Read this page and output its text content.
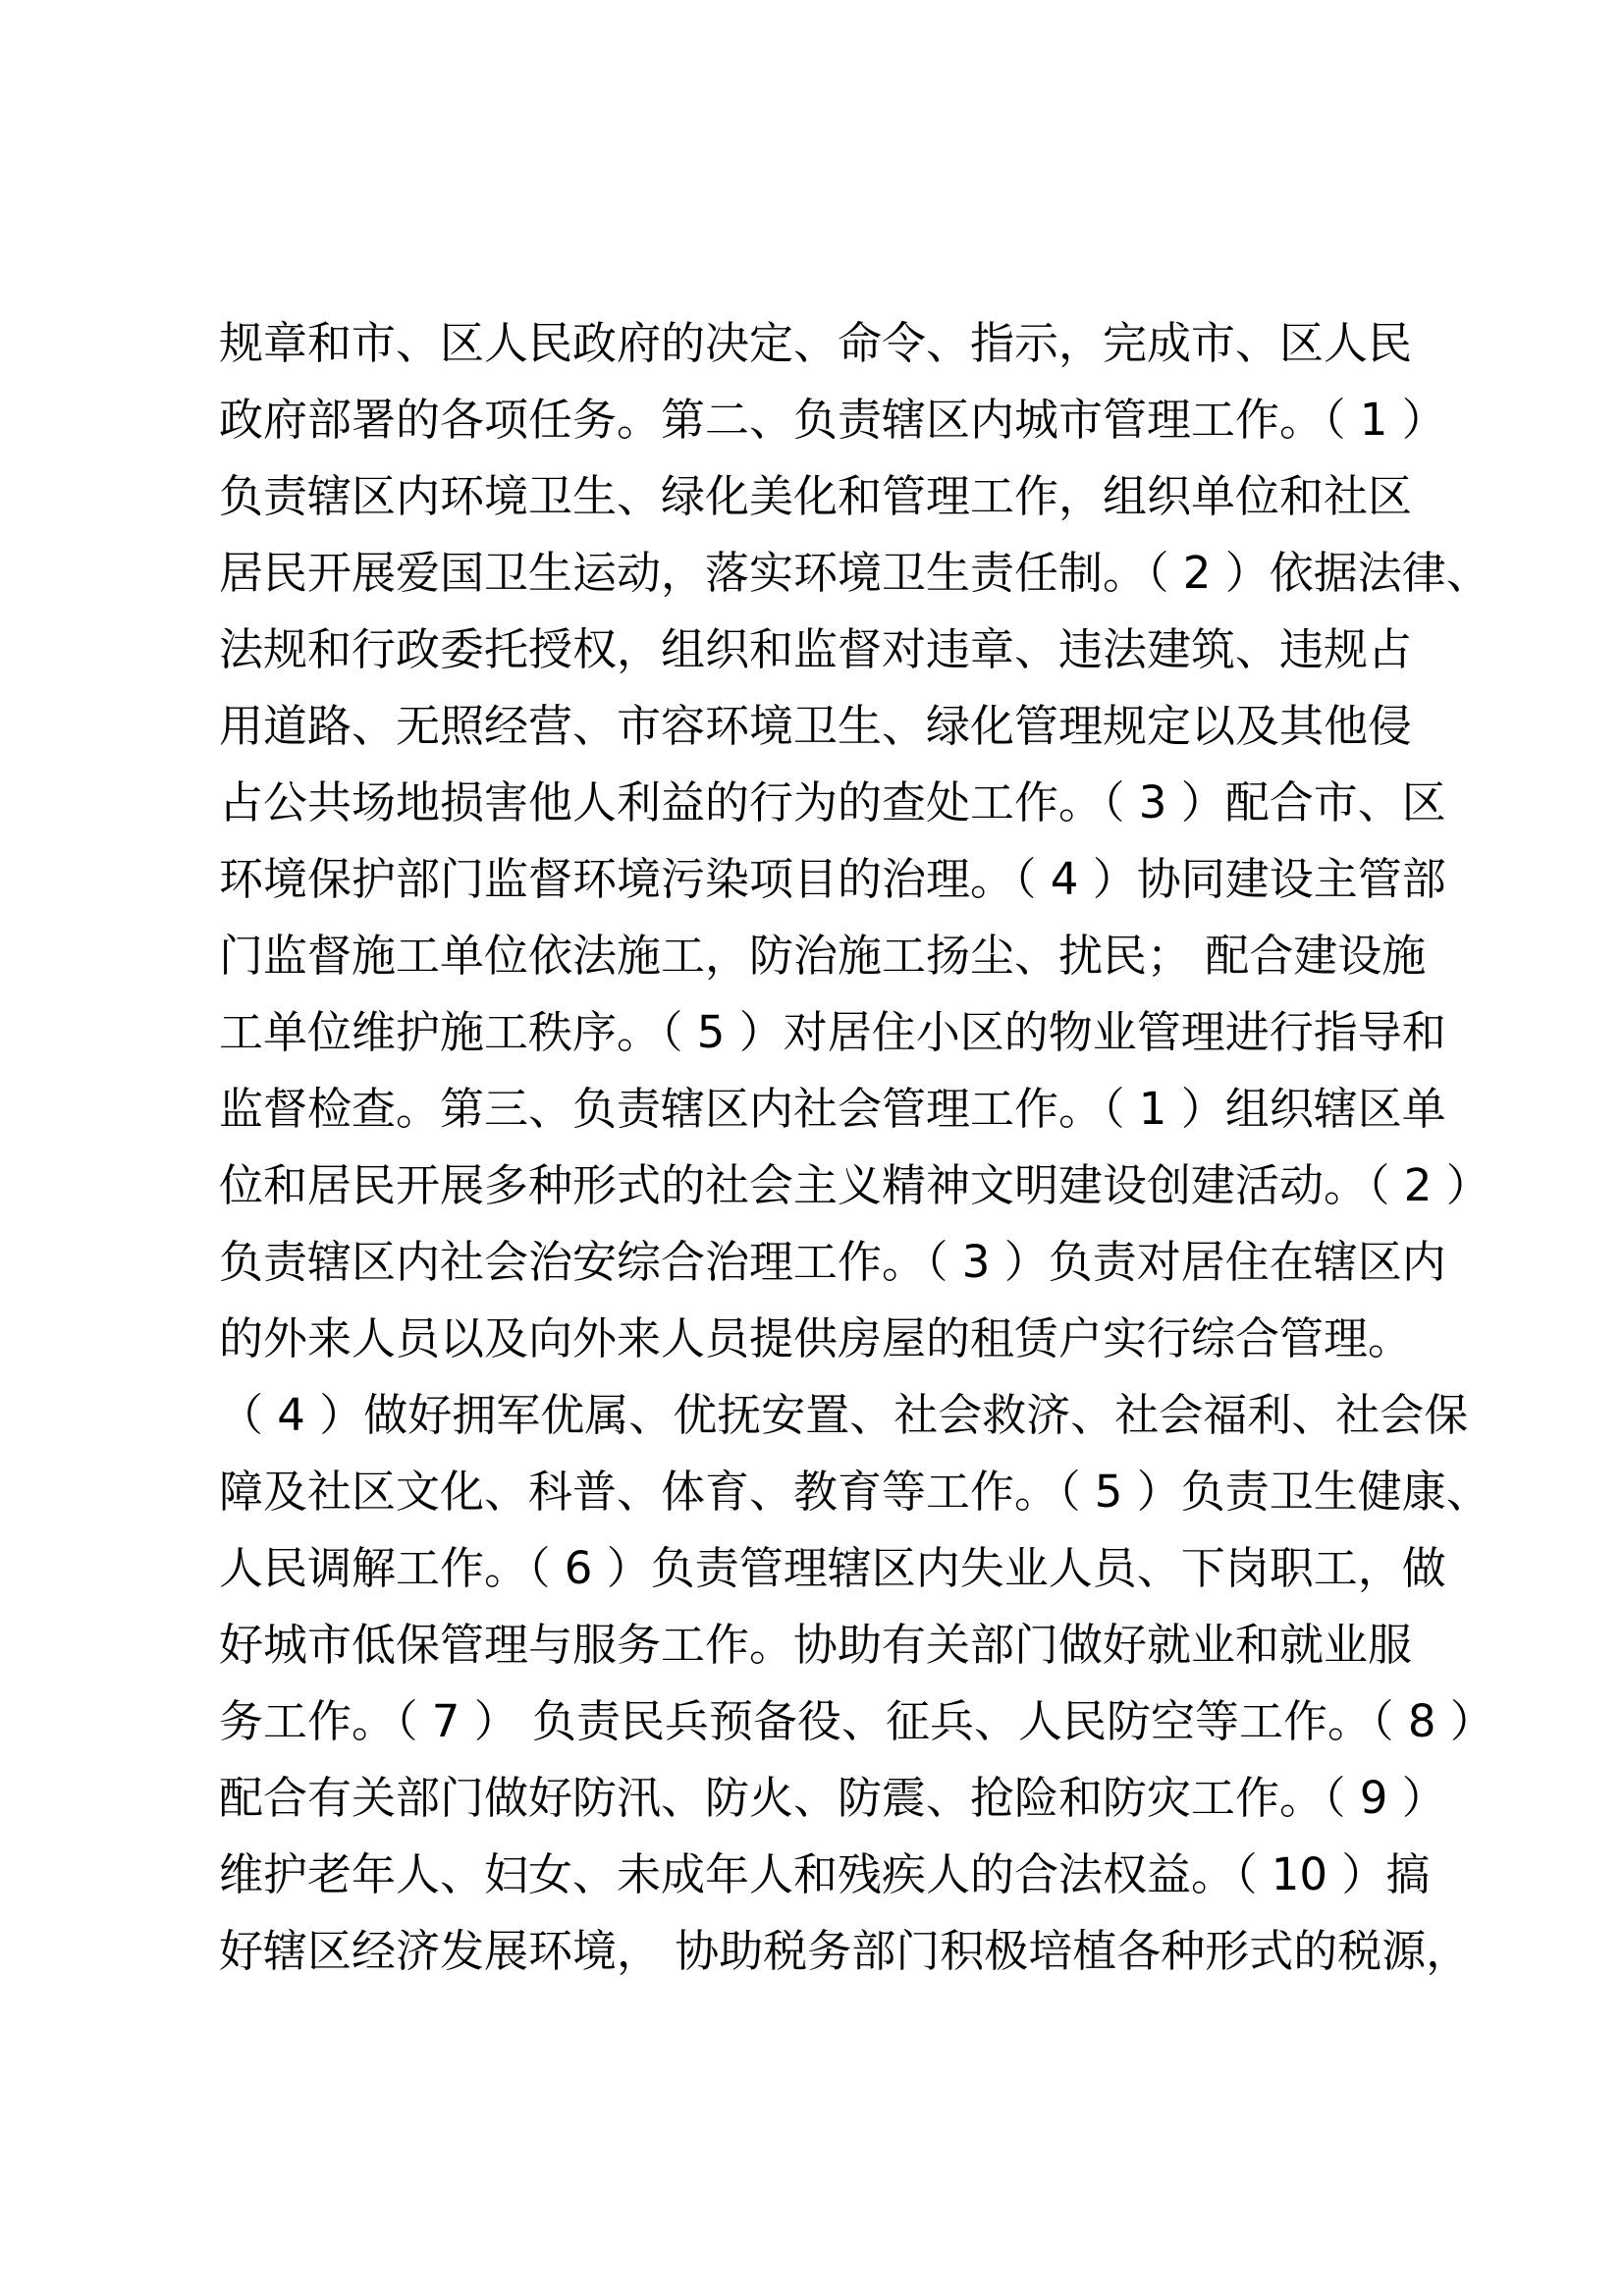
规章和市、区人民政府的决定、命令、指示，完成市、区人民
政府部署的各项任务。第二、负责辖区内城市管理工作。（ 1 ）
负责辖区内环境卫生、绿化美化和管理工作，组织单位和社区
居民开展爱国卫生运动，落实环境卫生责任制。（ 2 ）依据法律、
法规和行政委托授权，组织和监督对违章、违法建筑、违规占
用道路、无照经营、市容环境卫生、绿化管理规定以及其他侵
占公共场地损害他人利益的行为的查处工作。（ 3 ）配合市、区
环境保护部门监督环境污染项目的治理。（ 4 ）协同建设主管部
门监督施工单位依法施工，防治施工扬尘、扰民； 配合建设施
工单位维护施工秩序。（ 5 ）对居住小区的物业管理进行指导和
监督检查。第三、负责辖区内社会管理工作。（ 1 ）组织辖区单
位和居民开展多种形式的社会主义精神文明建设创建活动。（ 2 ）
负责辖区内社会治安综合治理工作。（ 3 ）负责对居住在辖区内
的外来人员以及向外来人员提供房屋的租赁户实行综合管理。
（ 4 ）做好拥军优属、优抚安置、社会救济、社会福利、社会保
障及社区文化、科普、体育、教育等工作。（ 5 ）负责卫生健康、
人民调解工作。（ 6 ）负责管理辖区内失业人员、下岗职工，做
好城市低保管理与服务工作。协助有关部门做好就业和就业服
务工作。（ 7 ） 负责民兵预备役、征兵、人民防空等工作。（ 8 ）
配合有关部门做好防汛、防火、防震、抢险和防灾工作。（ 9 ）
维护老年人、妇女、未成年人和残疾人的合法权益。（ 10 ）搞
好辖区经济发展环境， 协助税务部门积极培植各种形式的税源，
